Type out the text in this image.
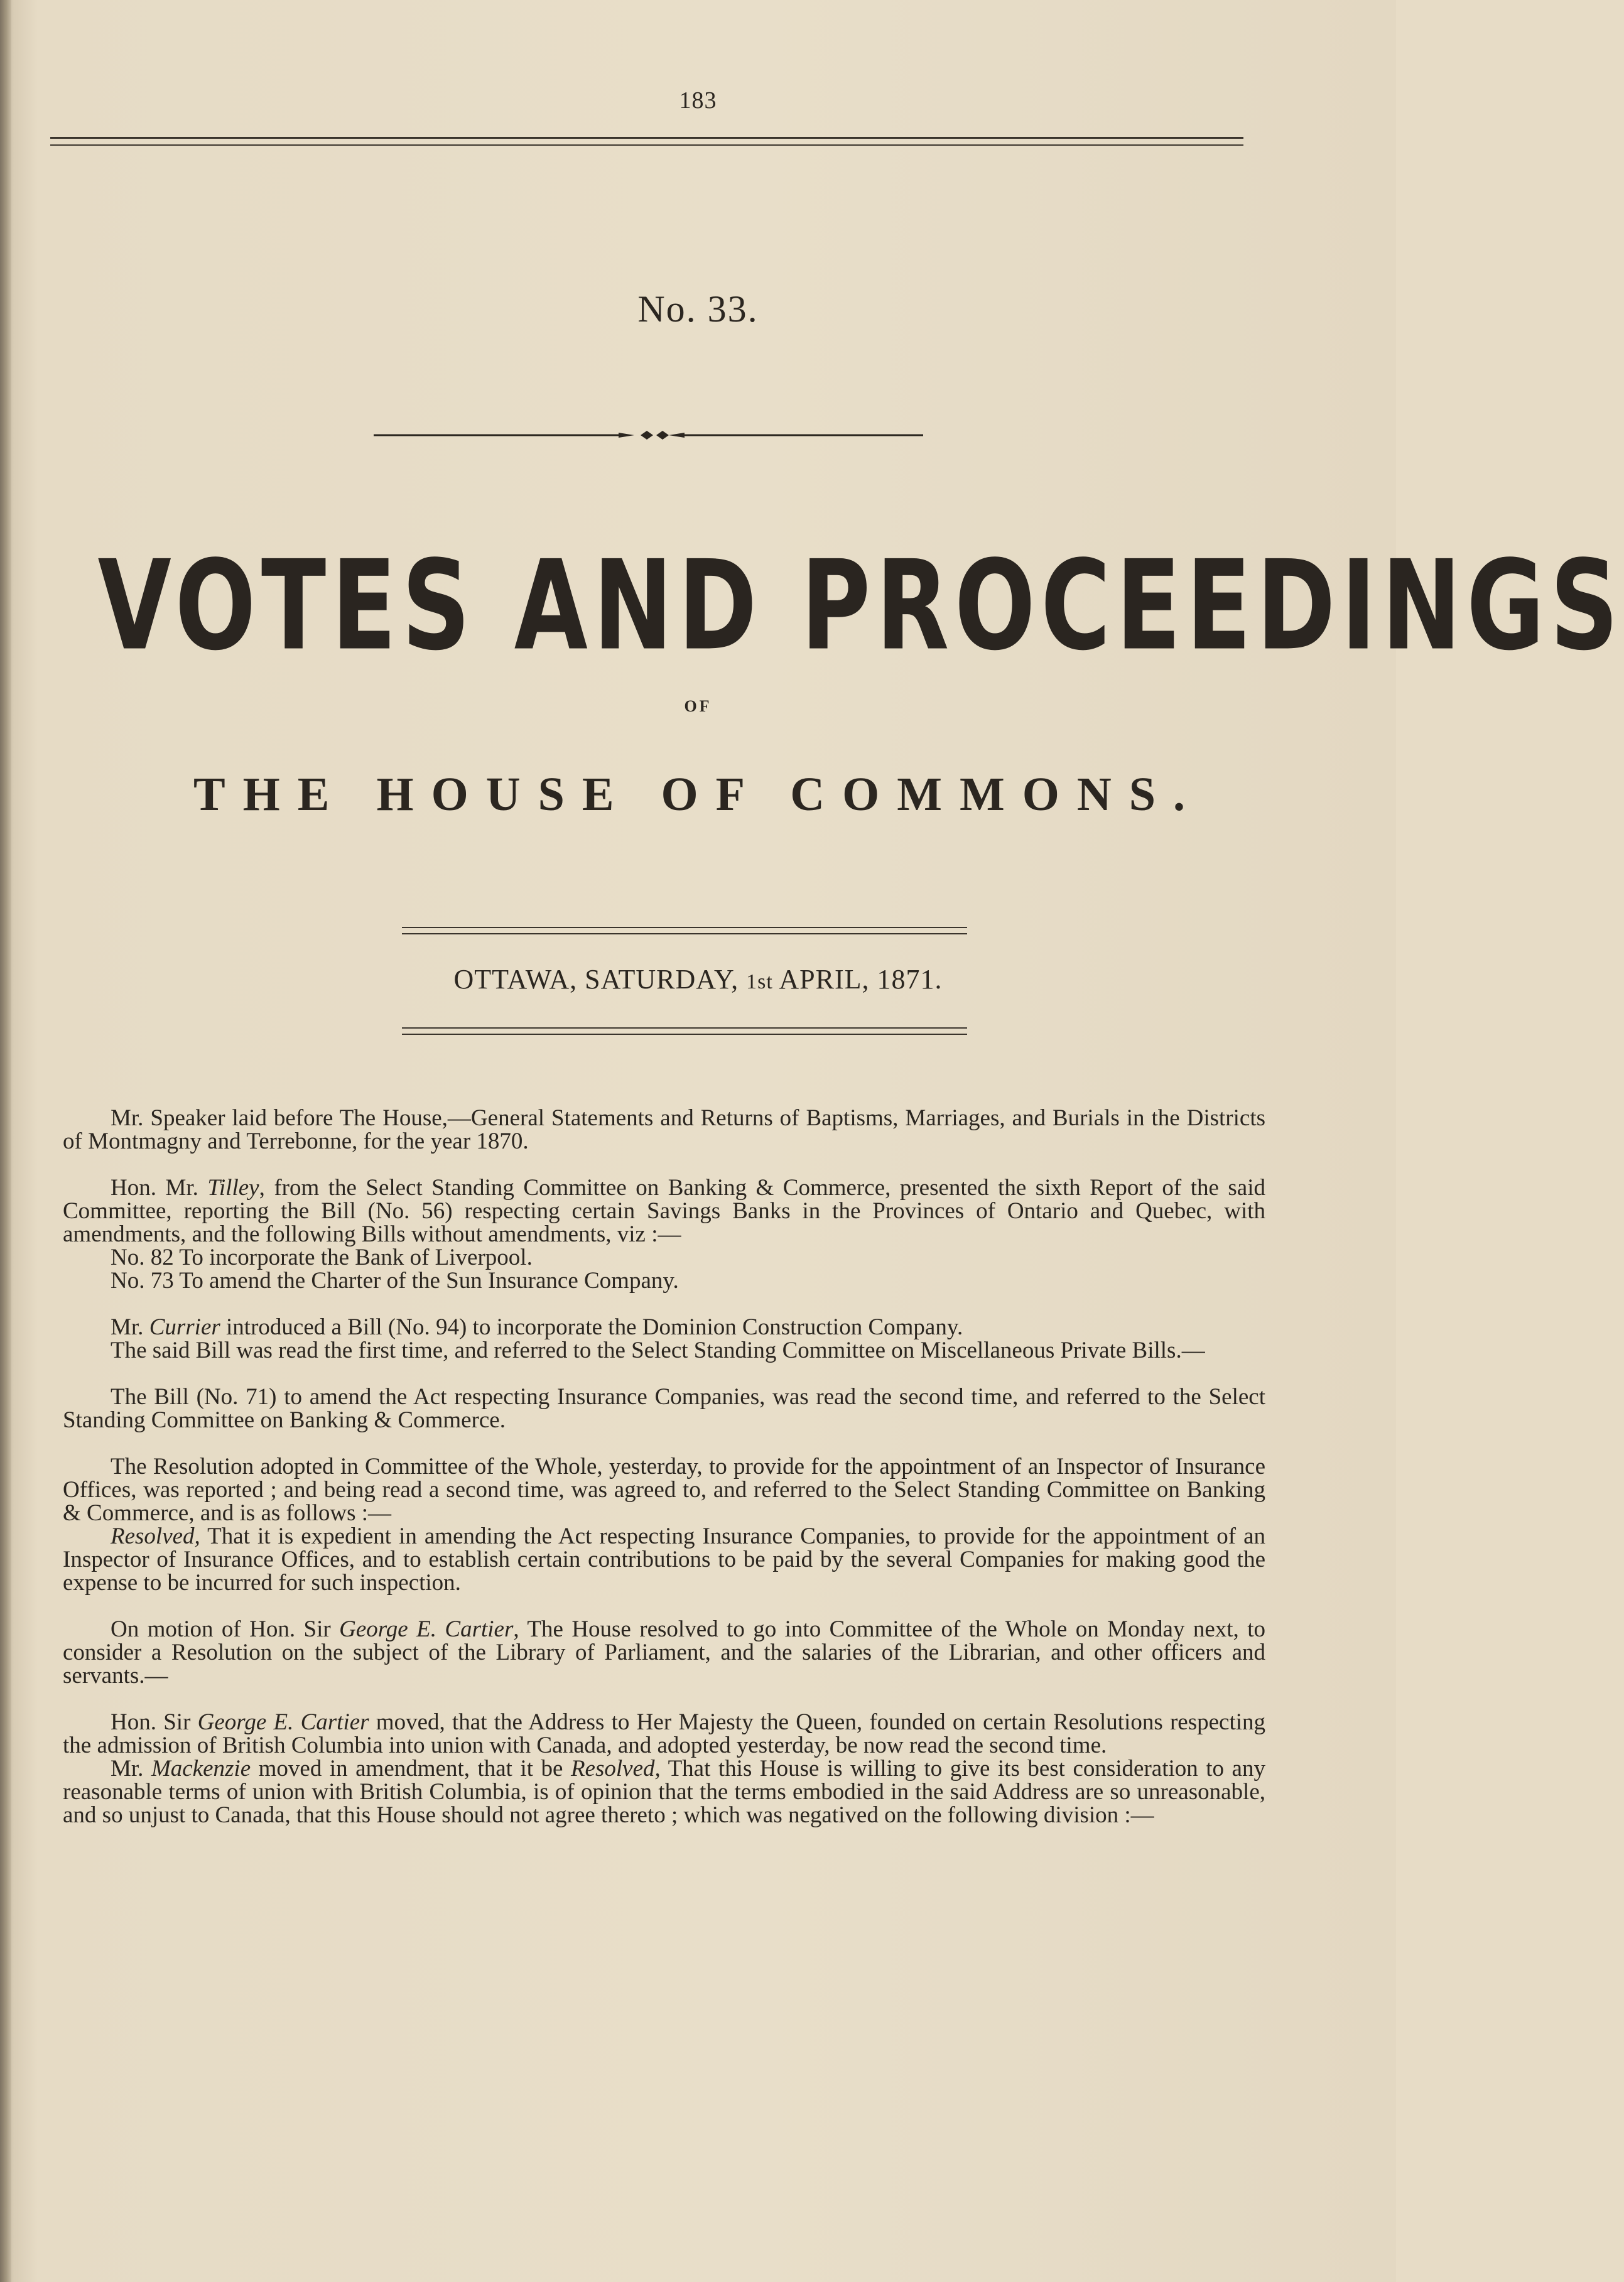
183
No. 33.
VOTES AND PROCEEDINGS
OF
THE HOUSE OF COMMONS.
OTTAWA, SATURDAY, 1st APRIL, 1871.

Mr. Speaker laid before The House,—General Statements and Returns of Baptisms, Marriages, and Burials in the Districts of Montmagny and Terrebonne, for the year 1870.

Hon. Mr. Tilley, from the Select Standing Committee on Banking & Commerce, presented the sixth Report of the said Committee, reporting the Bill (No. 56) respecting certain Savings Banks in the Provinces of Ontario and Quebec, with amendments, and the following Bills without amendments, viz :—

No. 82 To incorporate the Bank of Liverpool.
No. 73 To amend the Charter of the Sun Insurance Company.

Mr. Currier introduced a Bill (No. 94) to incorporate the Dominion Construction Company.

The said Bill was read the first time, and referred to the Select Standing Committee on Miscellaneous Private Bills.—

The Bill (No. 71) to amend the Act respecting Insurance Companies, was read the second time, and referred to the Select Standing Committee on Banking & Commerce.

The Resolution adopted in Committee of the Whole, yesterday, to provide for the appointment of an Inspector of Insurance Offices, was reported ; and being read a second time, was agreed to, and referred to the Select Standing Committee on Banking & Commerce, and is as follows :—

Resolved, That it is expedient in amending the Act respecting Insurance Companies, to provide for the appointment of an Inspector of Insurance Offices, and to establish certain contributions to be paid by the several Companies for making good the expense to be incurred for such inspection.

On motion of Hon. Sir George E. Cartier, The House resolved to go into Committee of the Whole on Monday next, to consider a Resolution on the subject of the Library of Parliament, and the salaries of the Librarian, and other officers and servants.—

Hon. Sir George E. Cartier moved, that the Address to Her Majesty the Queen, founded on certain Resolutions respecting the admission of British Columbia into union with Canada, and adopted yesterday, be now read the second time.

Mr. Mackenzie moved in amendment, that it be Resolved, That this House is willing to give its best consideration to any reasonable terms of union with British Columbia, is of opinion that the terms embodied in the said Address are so unreasonable, and so unjust to Canada, that this House should not agree thereto ; which was negatived on the following division :—
